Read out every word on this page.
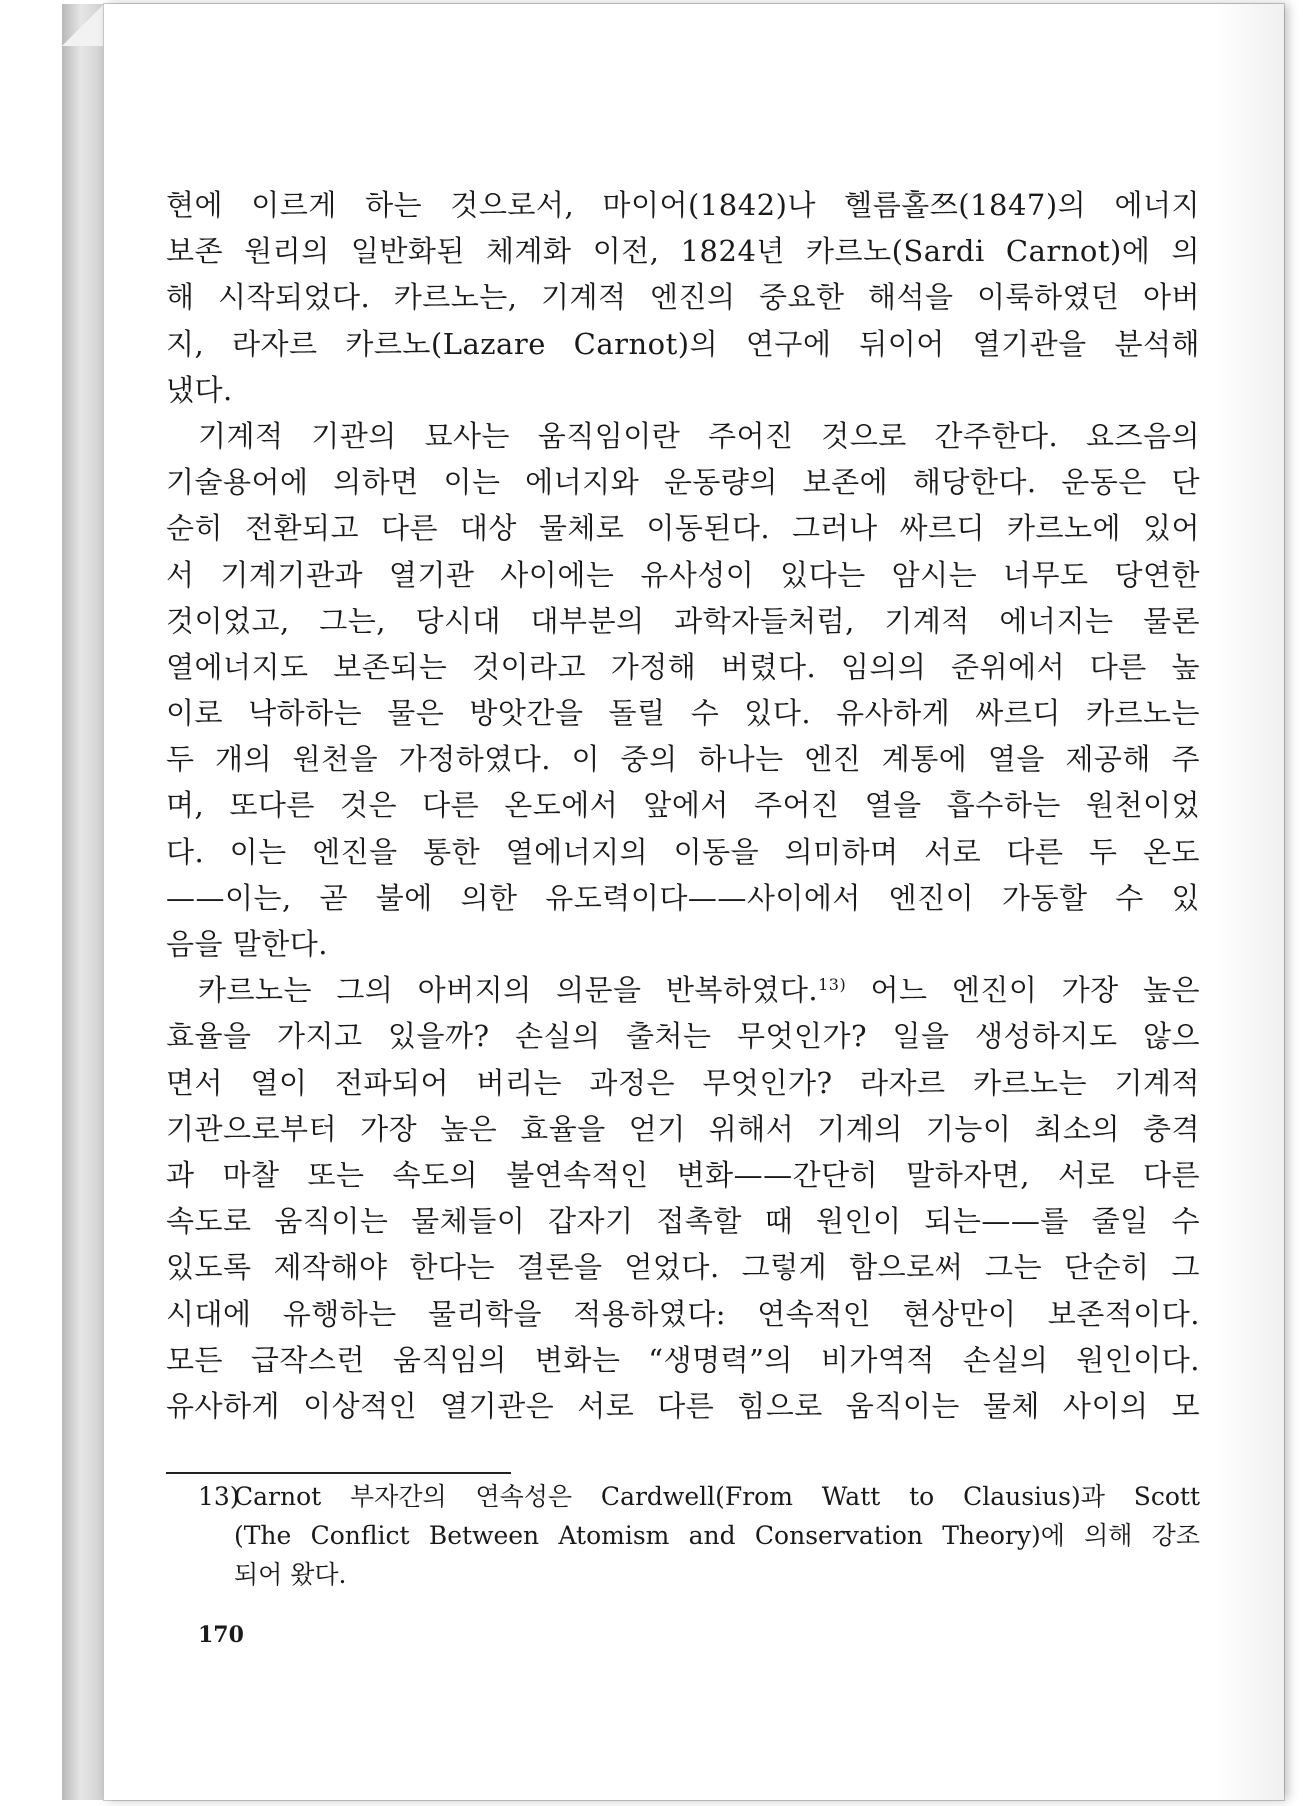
현에 이르게 하는 것으로서, 마이어(1842)나 헬름홀쯔(1847)의 에너지
보존 원리의 일반화된 체계화 이전, 1824년 카르노(Sardi Carnot)에 의
해 시작되었다. 카르노는, 기계적 엔진의 중요한 해석을 이룩하였던 아버
지, 라자르 카르노(Lazare Carnot)의 연구에 뒤이어 열기관을 분석해
냈다.
기계적 기관의 묘사는 움직임이란 주어진 것으로 간주한다. 요즈음의
기술용어에 의하면 이는 에너지와 운동량의 보존에 해당한다. 운동은 단
순히 전환되고 다른 대상 물체로 이동된다. 그러나 싸르디 카르노에 있어
서 기계기관과 열기관 사이에는 유사성이 있다는 암시는 너무도 당연한
것이었고, 그는, 당시대 대부분의 과학자들처럼, 기계적 에너지는 물론
열에너지도 보존되는 것이라고 가정해 버렸다. 임의의 준위에서 다른 높
이로 낙하하는 물은 방앗간을 돌릴 수 있다. 유사하게 싸르디 카르노는
두 개의 원천을 가정하였다. 이 중의 하나는 엔진 계통에 열을 제공해 주
며, 또다른 것은 다른 온도에서 앞에서 주어진 열을 흡수하는 원천이었
다. 이는 엔진을 통한 열에너지의 이동을 의미하며 서로 다른 두 온도
——이는, 곧 불에 의한 유도력이다——사이에서 엔진이 가동할 수 있
음을 말한다.
카르노는 그의 아버지의 의문을 반복하였다.$^{13)}$ 어느 엔진이 가장 높은
효율을 가지고 있을까? 손실의 출처는 무엇인가? 일을 생성하지도 않으
면서 열이 전파되어 버리는 과정은 무엇인가? 라자르 카르노는 기계적
기관으로부터 가장 높은 효율을 얻기 위해서 기계의 기능이 최소의 충격
과 마찰 또는 속도의 불연속적인 변화——간단히 말하자면, 서로 다른
속도로 움직이는 물체들이 갑자기 접촉할 때 원인이 되는——를 줄일 수
있도록 제작해야 한다는 결론을 얻었다. 그렇게 함으로써 그는 단순히 그
시대에 유행하는 물리학을 적용하였다: 연속적인 현상만이 보존적이다.
모든 급작스런 움직임의 변화는 “생명력”의 비가역적 손실의 원인이다.
유사하게 이상적인 열기관은 서로 다른 힘으로 움직이는 물체 사이의 모
13)Carnot 부자간의 연속성은 Cardwell(From Watt to Clausius)과 Scott
(The Conflict Between Atomism and Conservation Theory)에 의해 강조
되어 왔다.
170
